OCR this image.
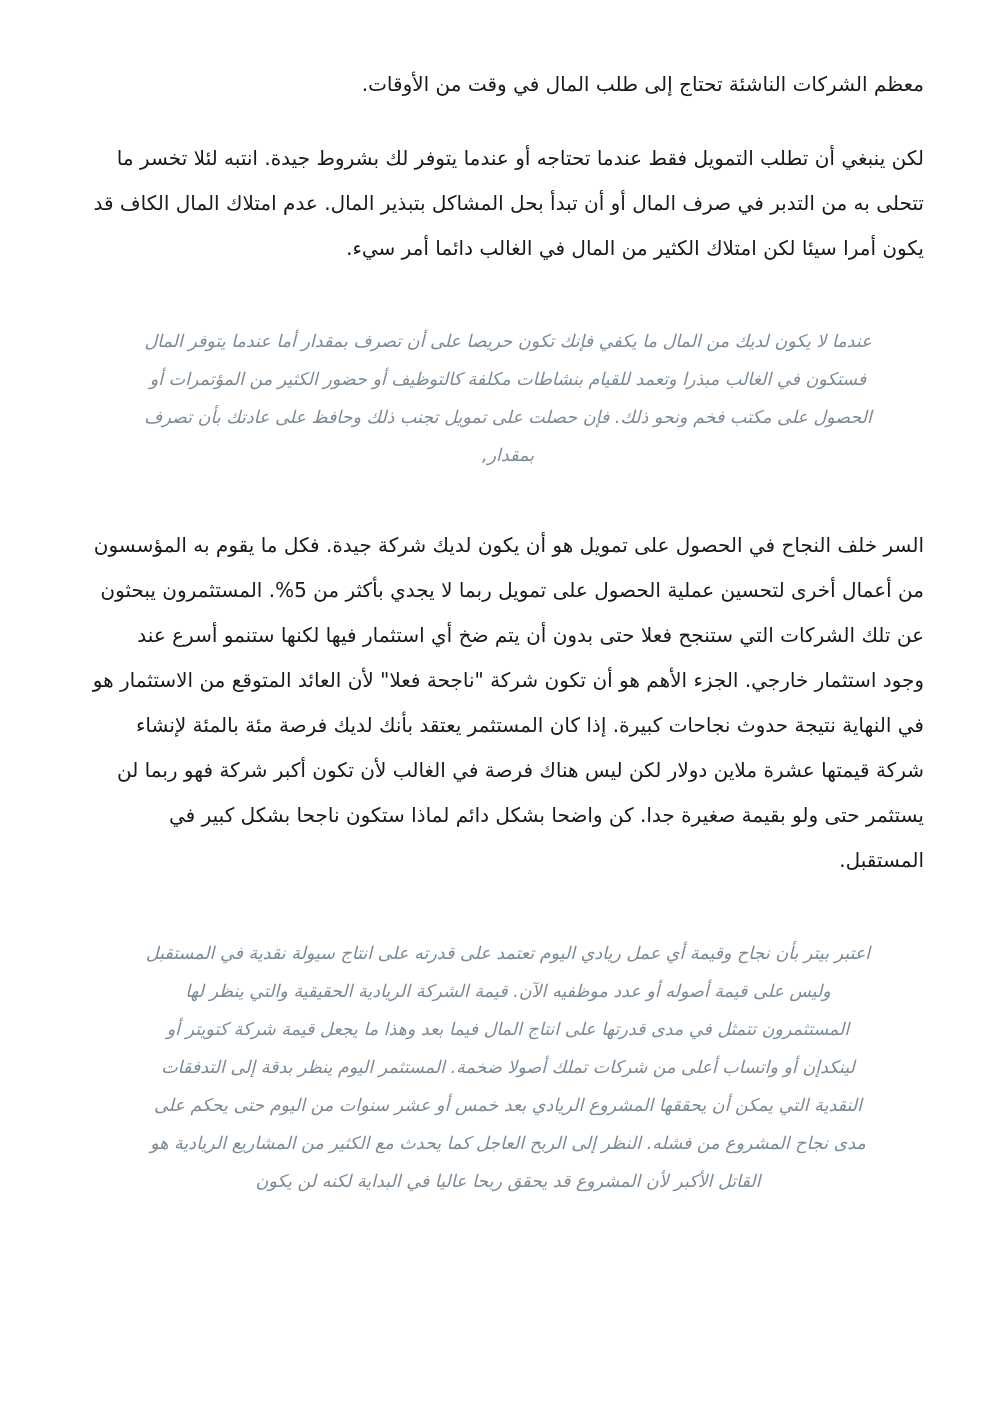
معظم الشركات الناشئة تحتاج إلى طلب المال في وقت من الأوقات.

لكن ينبغي أن تطلب التمويل فقط عندما تحتاجه أو عندما يتوفر لك بشروط جيدة. انتبه لئلا تخسر ما تتحلى به من التدبر في صرف المال أو أن تبدأ بحل المشاكل بتبذير المال. عدم امتلاك المال الكاف قد يكون أمرا سيئا لكن امتلاك الكثير من المال في الغالب دائما أمر سيء.

عندما لا يكون لديك من المال ما يكفي فإنك تكون حريصا على أن تصرف بمقدار أما عندما يتوفر المال فستكون في الغالب مبذرا وتعمد للقيام بنشاطات مكلفة كالتوظيف أو حضور الكثير من المؤتمرات أو الحصول على مكتب فخم ونحو ذلك. فإن حصلت على تمويل تجنب ذلك وحافظ على عادتك بأن تصرف بمقدار,

السر خلف النجاح في الحصول على تمويل هو أن يكون لديك شركة جيدة. فكل ما يقوم به المؤسسون من أعمال أخرى لتحسين عملية الحصول على تمويل ربما لا يجدي بأكثر من 5%. المستثمرون يبحثون عن تلك الشركات التي ستنجح فعلا حتى بدون أن يتم ضخ أي استثمار فيها لكنها ستنمو أسرع عند وجود استثمار خارجي. الجزء الأهم هو أن تكون شركة "ناجحة فعلا" لأن العائد المتوقع من الاستثمار هو في النهاية نتيجة حدوث نجاحات كبيرة. إذا كان المستثمر يعتقد بأنك لديك فرصة مئة بالمئة لإنشاء شركة قيمتها عشرة ملاين دولار لكن ليس هناك فرصة في الغالب لأن تكون أكبر شركة فهو ربما لن يستثمر حتى ولو بقيمة صغيرة جدا. كن واضحا بشكل دائم لماذا ستكون ناجحا بشكل كبير في المستقبل.

اعتبر بيتر بأن نجاح وقيمة أي عمل ريادي اليوم تعتمد على قدرته على انتاج سيولة نقدية في المستقبل وليس على قيمة أصوله أو عدد موظفيه الآن. قيمة الشركة الريادية الحقيقية والتي ينظر لها المستثمرون تتمثل في مدى قدرتها على انتاج المال فيما بعد وهذا ما يجعل قيمة شركة كتويتر أو لينكدإن أو واتساب أعلى من شركات تملك أصولا ضخمة. المستثمر اليوم ينظر بدقة إلى التدفقات النقدية التي يمكن أن يحققها المشروع الريادي بعد خمس أو عشر سنوات من اليوم حتى يحكم على مدى نجاح المشروع من فشله. النظر إلى الربح العاجل كما يحدث مع الكثير من المشاريع الريادية هو القاتل الأكبر لأن المشروع قد يحقق ربحا عاليا في البداية لكنه لن يكون
